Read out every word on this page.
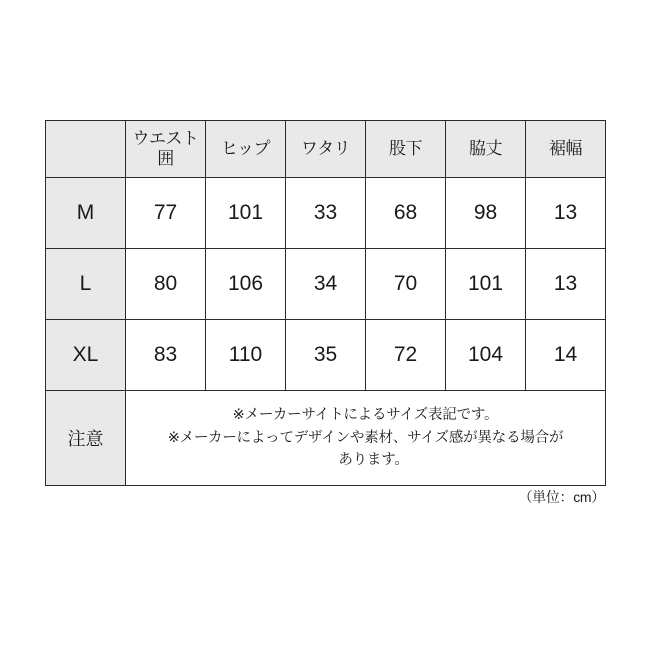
	ウエスト囲	ヒップ	ワタリ	股下	脇丈	裾幅
M	77	101	33	68	98	13
L	80	106	34	70	101	13
XL	83	110	35	72	104	14
注意	※メーカーサイトによるサイズ表記です。
※メーカーによってデザインや素材、サイズ感が異なる場合が
あります。					
（単位：cm）
